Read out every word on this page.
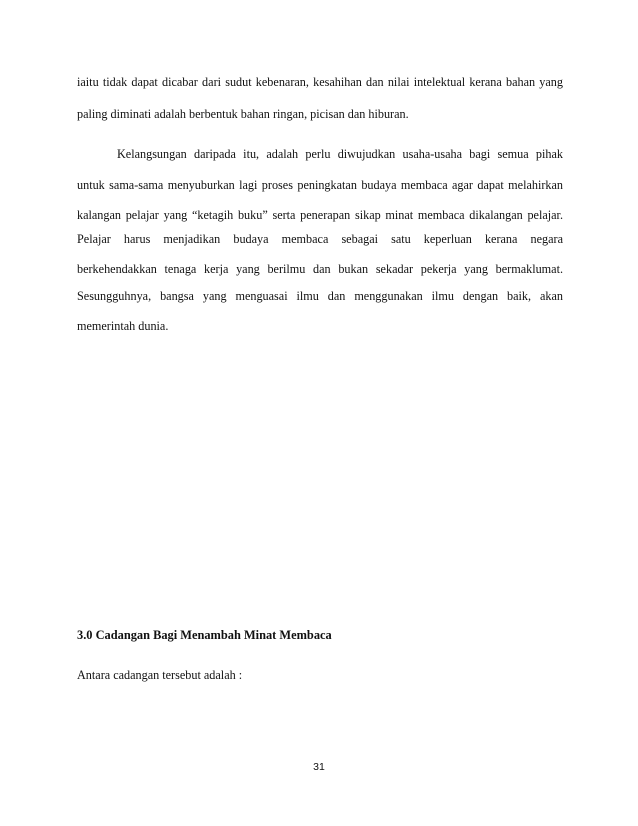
iaitu tidak dapat dicabar dari sudut kebenaran, kesahihan dan nilai intelektual kerana bahan yang
paling diminati adalah berbentuk bahan ringan, picisan dan hiburan.
Kelangsungan daripada itu, adalah perlu diwujudkan usaha-usaha bagi semua pihak
untuk sama-sama menyuburkan lagi proses peningkatan budaya membaca agar dapat melahirkan
kalangan pelajar yang “ketagih buku” serta penerapan sikap minat membaca dikalangan pelajar.
Pelajar harus menjadikan budaya membaca sebagai satu keperluan kerana negara
berkehendakkan tenaga kerja yang berilmu dan bukan sekadar pekerja yang bermaklumat.
Sesungguhnya, bangsa yang menguasai ilmu dan menggunakan ilmu dengan baik, akan
memerintah dunia.
3.0 Cadangan Bagi Menambah Minat Membaca
Antara cadangan tersebut adalah :
31
